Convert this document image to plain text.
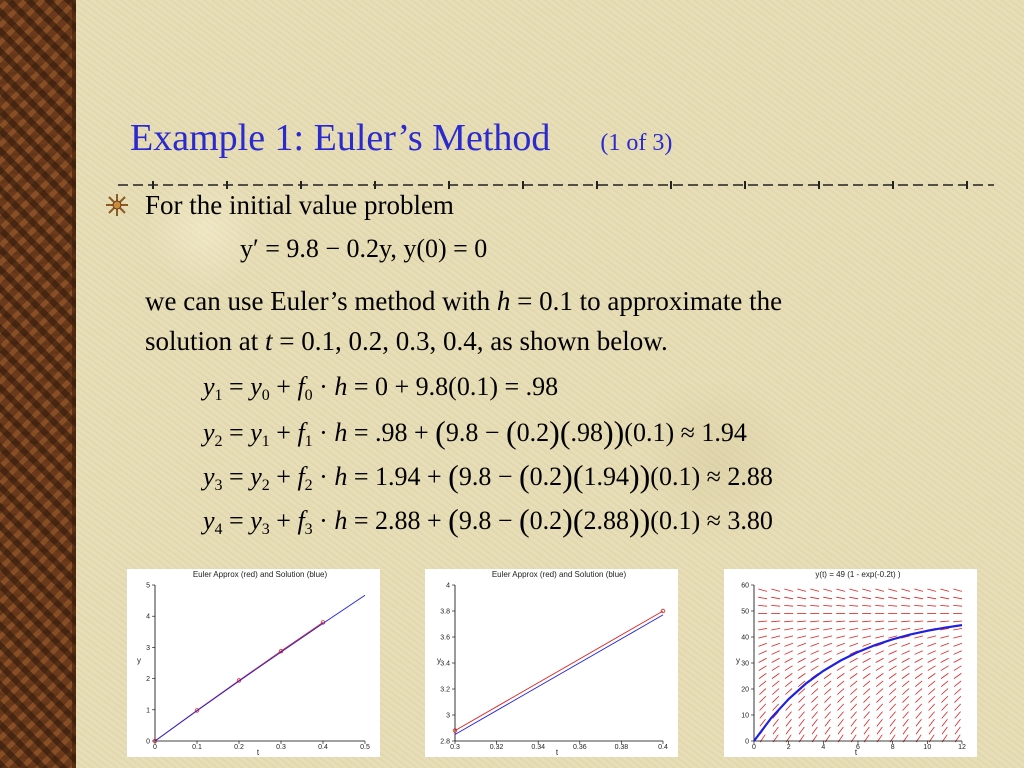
Example 1: Euler’s Method (1 of 3)
For the initial value problem
y′ = 9.8 − 0.2y, y(0) = 0
we can use Euler’s method with h = 0.1 to approximate the
solution at t = 0.1, 0.2, 0.3, 0.4, as shown below.
$y_1 = y_0 + f_0 \cdot h = 0 + 9.8(0.1) = .98$
$y_2 = y_1 + f_1 \cdot h = .98 + (9.8 - (0.2)(.98))(0.1) \approx 1.94$
$y_3 = y_2 + f_2 \cdot h = 1.94 + (9.8 - (0.2)(1.94))(0.1) \approx 2.88$
$y_4 = y_3 + f_3 \cdot h = 2.88 + (9.8 - (0.2)(2.88))(0.1) \approx 3.80$
Euler Approx (red) and Solution (blue)
0	0.1	0.2	0.3	0.4	0.5
0
1
2
3
4
5
t
y
Euler Approx (red) and Solution (blue)
0.3	0.32	0.34	0.36	0.38	0.4
2.8
3
3.2
3.4
3.6
3.8
4
t
y
y(t) = 49 (1 - exp(-0.2t) )
0	2	4	6	8	10	12
0
10
20
30
40
50
60
t
y
